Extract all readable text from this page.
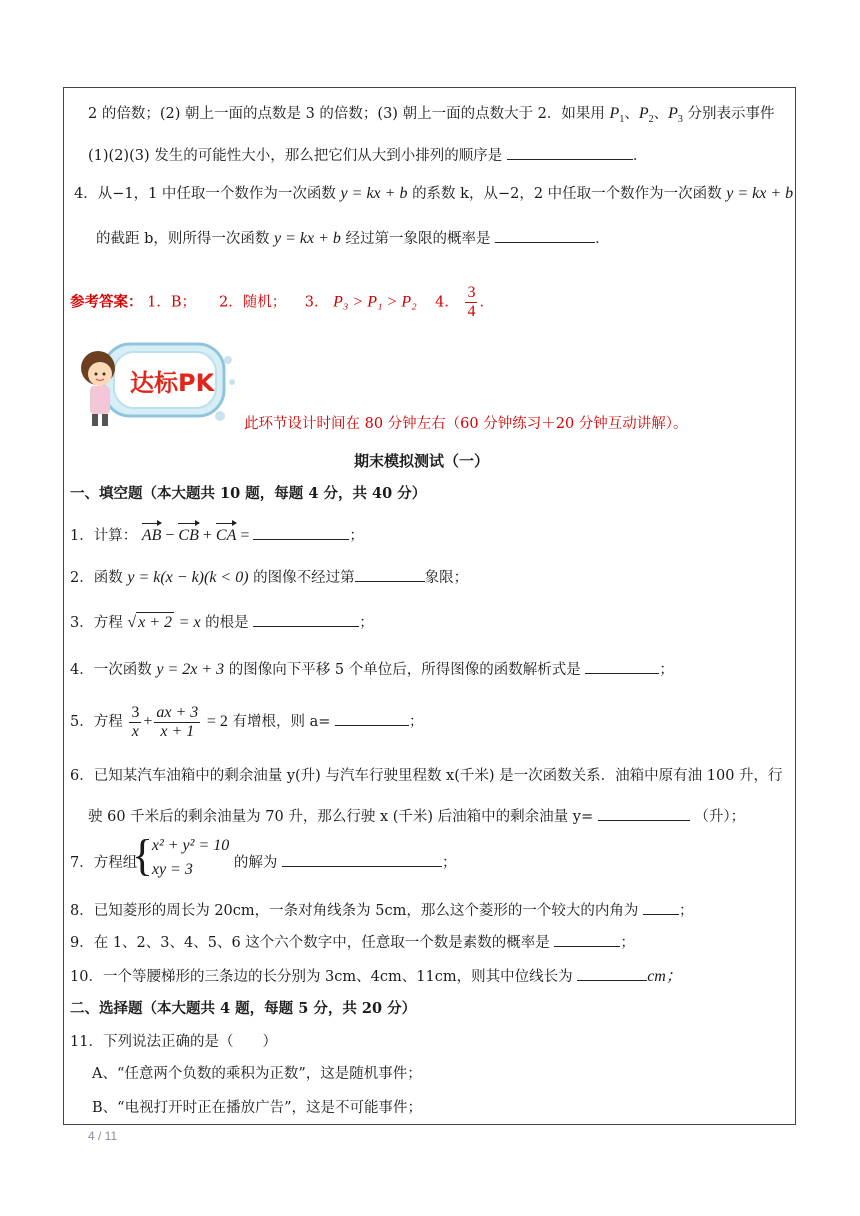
2 的倍数；(2) 朝上一面的点数是 3 的倍数；(3) 朝上一面的点数大于 2．如果用 $P_1$、$P_2$、$P_3$ 分别表示事件
(1)(2)(3) 发生的可能性大小，那么把它们从大到小排列的顺序是	．
4．从−1，1 中任取一个数作为一次函数 y = kx + b 的系数 k，从−2，2 中任取一个数作为一次函数 y = kx + b
的截距 b，则所得一次函数 y = kx + b 经过第一象限的概率是	．
参考答案： 1．B； 2．随机； 3． P₃ > P₁ > P₂ 4． $\frac{3}{4}$ ．
达标PK
此环节设计时间在 80 分钟左右（60 分钟练习＋20 分钟互动讲解）。
期末模拟测试（一）
一、填空题（本大题共 10 题，每题 4 分，共 40 分）
1．计算： AB − CB + CA =	；
2．函数 y = k(x − k)(k < 0) 的图像不经过第	象限；
3．方程 √ x + 2 = x 的根是	；
4．一次函数 y = 2x + 3 的图像向下平移 5 个单位后，所得图像的函数解析式是	；
5．方程 $\frac{3}{x} + \frac{ax + 3}{x + 1} = 2$ 有增根，则 a=	；
6．已知某汽车油箱中的剩余油量 y(升) 与汽车行驶里程数 x(千米) 是一次函数关系．油箱中原有油 100 升，行
驶 60 千米后的剩余油量为 70 升，那么行驶 x (千米) 后油箱中的剩余油量 y=	（升）；
7．方程组
{
x² + y² = 10
xy = 3	的解为	；
8．已知菱形的周长为 20cm，一条对角线条为 5cm，那么这个菱形的一个较大的内角为	；
9．在 1、2、3、4、5、6 这个六个数字中，任意取一个数是素数的概率是	；
10．一个等腰梯形的三条边的长分别为 3cm、4cm、11cm，则其中位线长为	cm；
二、选择题（本大题共 4 题，每题 5 分，共 20 分）
11．下列说法正确的是（　　）
A、“任意两个负数的乘积为正数”，这是随机事件；
B、“电视打开时正在播放广告”，这是不可能事件；
4 / 11
